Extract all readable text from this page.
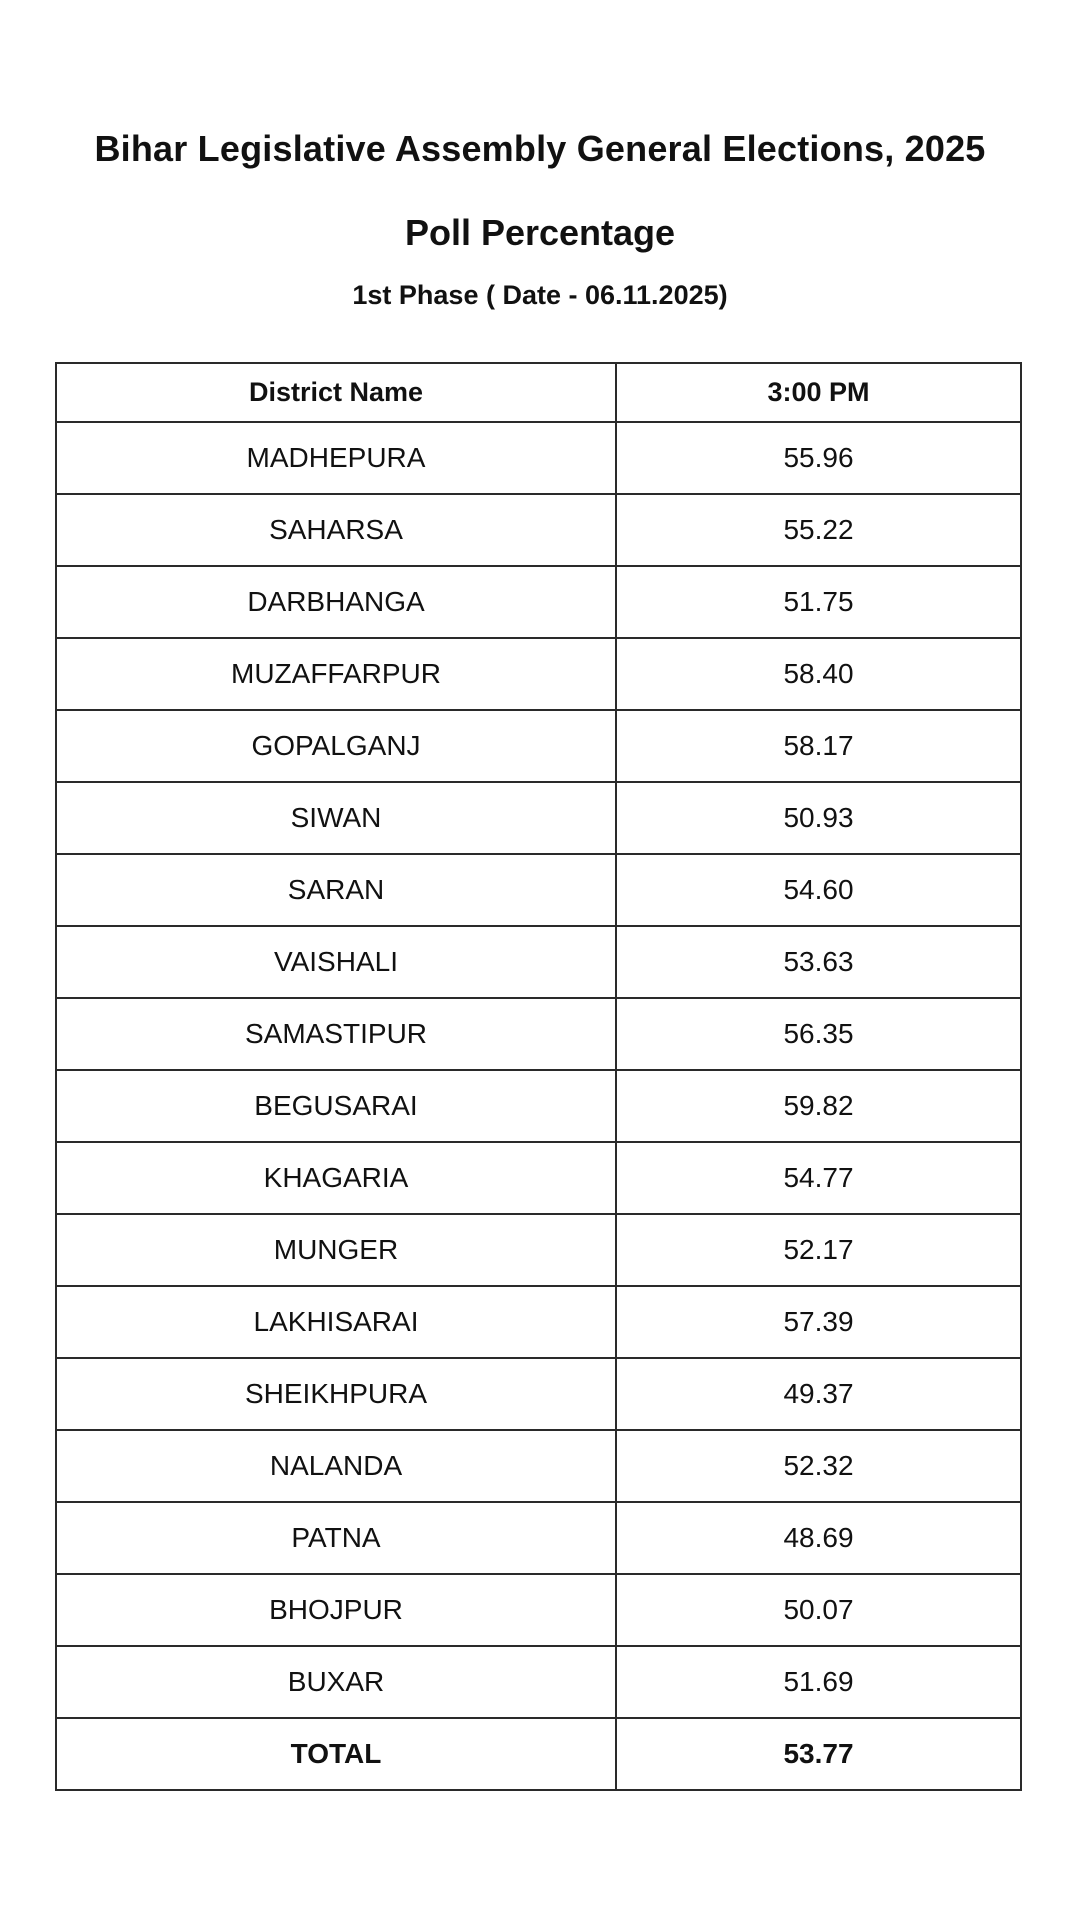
Bihar Legislative Assembly General Elections, 2025
Poll Percentage
1st Phase ( Date - 06.11.2025)
District Name	3:00 PM
MADHEPURA	55.96
SAHARSA	55.22
DARBHANGA	51.75
MUZAFFARPUR	58.40
GOPALGANJ	58.17
SIWAN	50.93
SARAN	54.60
VAISHALI	53.63
SAMASTIPUR	56.35
BEGUSARAI	59.82
KHAGARIA	54.77
MUNGER	52.17
LAKHISARAI	57.39
SHEIKHPURA	49.37
NALANDA	52.32
PATNA	48.69
BHOJPUR	50.07
BUXAR	51.69
TOTAL	53.77
